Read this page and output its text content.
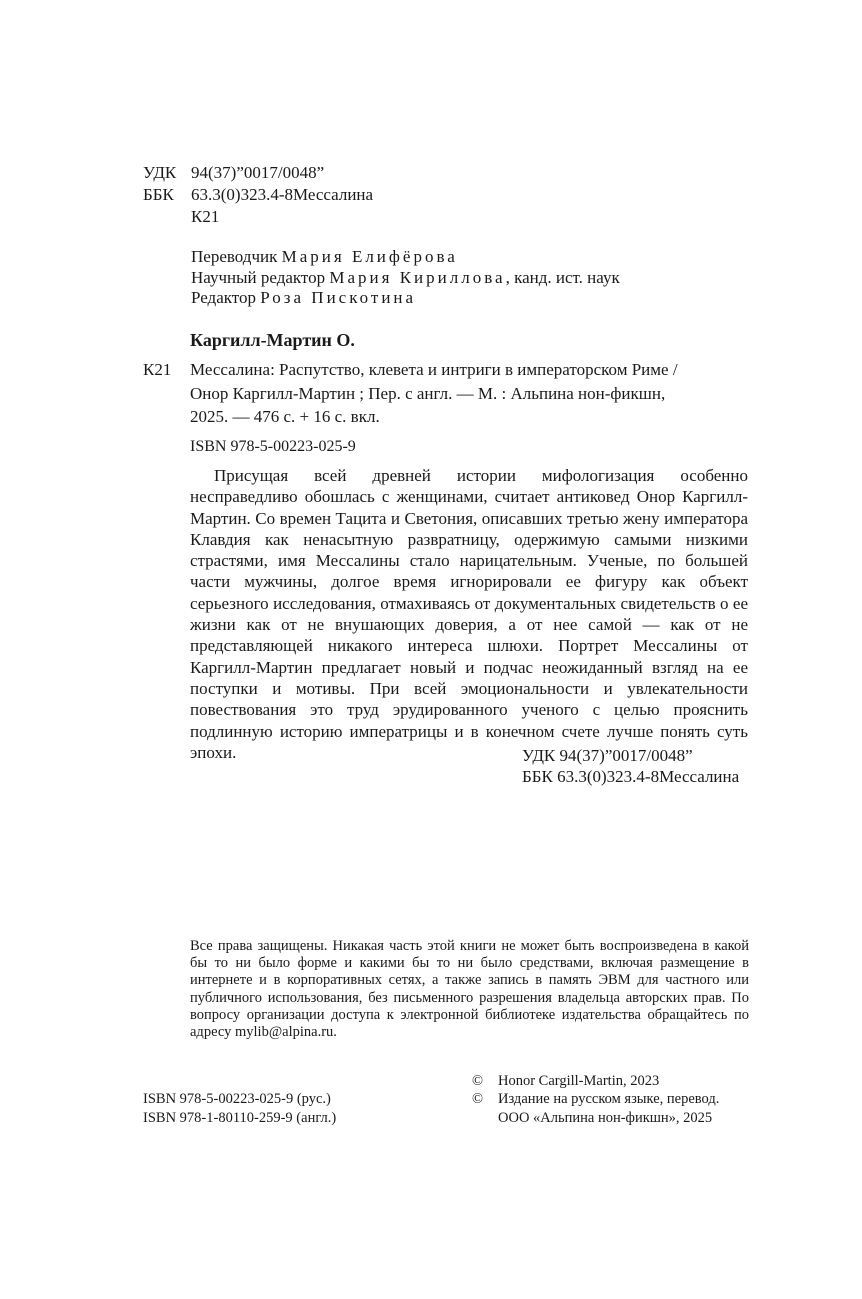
УДК 94(37)”0017/0048”
ББК 63.3(0)323.4-8Мессалина
К21
Переводчик Мария Елифёрова
Научный редактор Мария Кириллова, канд. ист. наук
Редактор Роза Пискотина
Каргилл-Мартин О.
К21 Мессалина: Распутство, клевета и интриги в императорском Риме /
Онор Каргилл-Мартин ; Пер. с англ. — М. : Альпина нон-фикшн,
2025. — 476 с. + 16 с. вкл.
ISBN 978-5-00223-025-9

Присущая всей древней истории мифологизация особенно несправедливо обошлась с женщинами, считает антиковед Онор Каргилл-Мартин. Со времен Тацита и Светония, описавших третью жену императора Клавдия как ненасытную развратницу, одержимую самыми низкими страстями, имя Мессалины стало нарицательным. Ученые, по большей части мужчины, долгое время игнорировали ее фигуру как объект серьезного исследования, отмахиваясь от документальных свидетельств о ее жизни как от не внушающих доверия, а от нее самой — как от не представляющей никакого интереса шлюхи. Портрет Мессалины от Каргилл-Мартин предлагает новый и подчас неожиданный взгляд на ее поступки и мотивы. При всей эмоциональности и увлекательности повествования это труд эрудированного ученого с целью прояснить подлинную историю императрицы и в конечном счете лучше понять суть эпохи.	УДК 94(37)”0017/0048”
ББК 63.3(0)323.4-8Мессалина

Все права защищены. Никакая часть этой книги не может быть воспроизведена в какой бы то ни было форме и какими бы то ни было средствами, включая размещение в интернете и в корпоративных сетях, а также запись в память ЭВМ для частного или публичного использования, без письменного разрешения владельца авторских прав. По вопросу организации доступа к электронной библиотеке издательства обращайтесь по адресу mylib@alpina.ru.

© Honor Cargill-Martin, 2023
© Издание на русском языке, перевод.
ООО «Альпина нон-фикшн», 2025
ISBN 978-5-00223-025-9 (рус.)
ISBN 978-1-80110-259-9 (англ.)
